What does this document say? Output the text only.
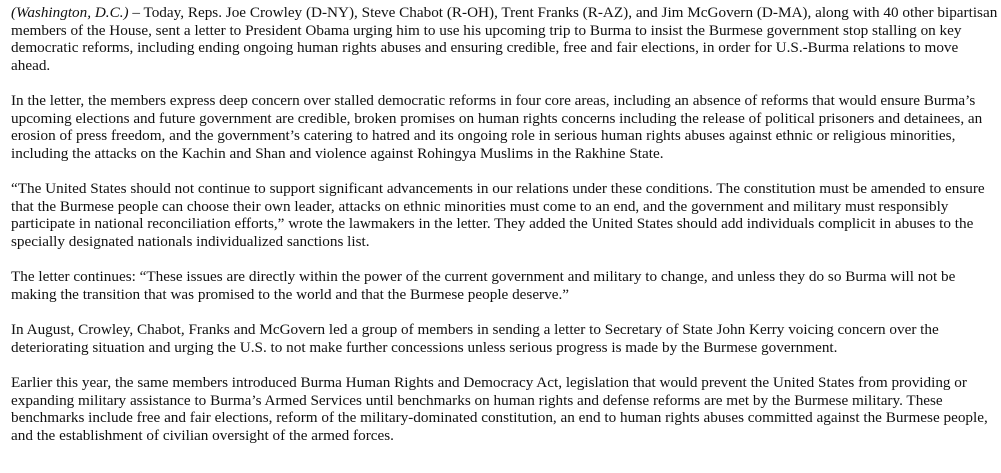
(Washington, D.C.) – Today, Reps. Joe Crowley (D-NY), Steve Chabot (R-OH), Trent Franks (R-AZ), and Jim McGovern (D-MA), along with 40 other bipartisan members of the House, sent a letter to President Obama urging him to use his upcoming trip to Burma to insist the Burmese government stop stalling on key democratic reforms, including ending ongoing human rights abuses and ensuring credible, free and fair elections, in order for U.S.-Burma relations to move ahead.

In the letter, the members express deep concern over stalled democratic reforms in four core areas, including an absence of reforms that would ensure Burma’s upcoming elections and future government are credible, broken promises on human rights concerns including the release of political prisoners and detainees, an erosion of press freedom, and the government’s catering to hatred and its ongoing role in serious human rights abuses against ethnic or religious minorities, including the attacks on the Kachin and Shan and violence against Rohingya Muslims in the Rakhine State.

“The United States should not continue to support significant advancements in our relations under these conditions. The constitution must be amended to ensure that the Burmese people can choose their own leader, attacks on ethnic minorities must come to an end, and the government and military must responsibly participate in national reconciliation efforts,” wrote the lawmakers in the letter. They added the United States should add individuals complicit in abuses to the specially designated nationals individualized sanctions list.

The letter continues: “These issues are directly within the power of the current government and military to change, and unless they do so Burma will not be making the transition that was promised to the world and that the Burmese people deserve.”

In August, Crowley, Chabot, Franks and McGovern led a group of members in sending a letter to Secretary of State John Kerry voicing concern over the deteriorating situation and urging the U.S. to not make further concessions unless serious progress is made by the Burmese government.

Earlier this year, the same members introduced Burma Human Rights and Democracy Act, legislation that would prevent the United States from providing or expanding military assistance to Burma’s Armed Services until benchmarks on human rights and defense reforms are met by the Burmese military. These benchmarks include free and fair elections, reform of the military-dominated constitution, an end to human rights abuses committed against the Burmese people, and the establishment of civilian oversight of the armed forces.
